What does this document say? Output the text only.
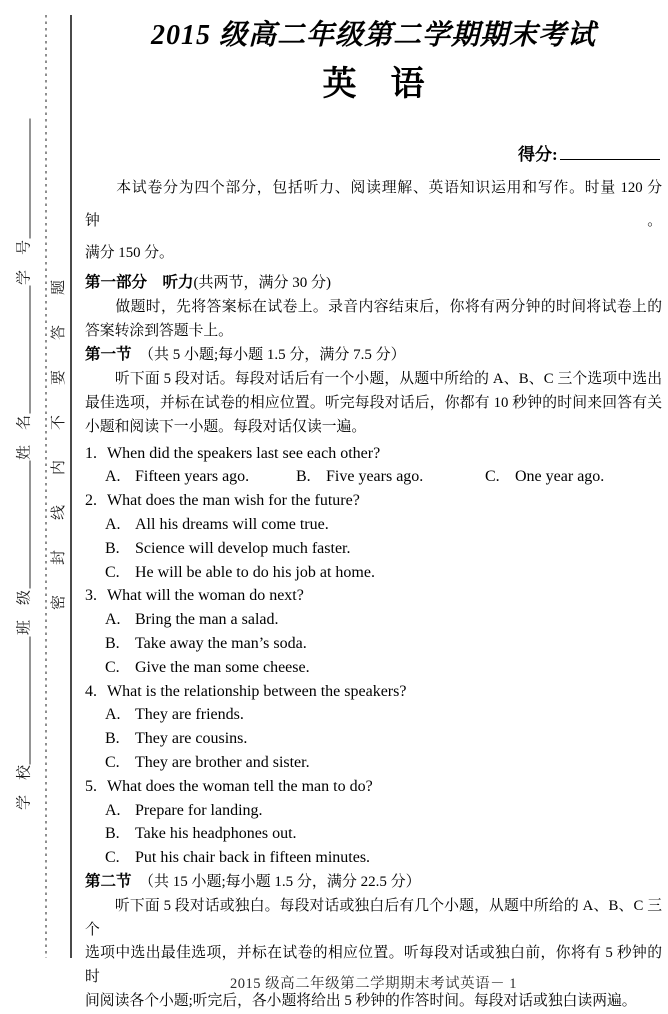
学　校
班　级
姓　名
学　号 密封线内不要答题
2015 级高二年级第二学期期末考试
英　语
得分:
　　本试卷分为四个部分，包括听力、阅读理解、英语知识运用和写作。时量 120 分钟。
满分 150 分。
第一部分　听力(共两节，满分 30 分)
　　做题时，先将答案标在试卷上。录音内容结束后，你将有两分钟的时间将试卷上的
答案转涂到答题卡上。
第一节　（共 5 小题;每小题 1.5 分，满分 7.5 分）
　　听下面 5 段对话。每段对话后有一个小题，从题中所给的 A、B、C 三个选项中选出
最佳选项，并标在试卷的相应位置。听完每段对话后，你都有 10 秒钟的时间来回答有关
小题和阅读下一小题。每段对话仅读一遍。
1. When did the speakers last see each other?
A. Fifteen years ago.	B. Five years ago.	C. One year ago.
2. What does the man wish for the future?
A. All his dreams will come true.
B. Science will develop much faster.
C. He will be able to do his job at home.
3. What will the woman do next?
A. Bring the man a salad.
B. Take away the man’s soda.
C. Give the man some cheese.
4. What is the relationship between the speakers?
A. They are friends.
B. They are cousins.
C. They are brother and sister.
5. What does the woman tell the man to do?
A. Prepare for landing.
B. Take his headphones out.
C. Put his chair back in fifteen minutes.
第二节　（共 15 小题;每小题 1.5 分，满分 22.5 分）
　　听下面 5 段对话或独白。每段对话或独白后有几个小题，从题中所给的 A、B、C 三个
选项中选出最佳选项，并标在试卷的相应位置。听每段对话或独白前，你将有 5 秒钟的时
间阅读各个小题;听完后，各小题将给出 5 秒钟的作答时间。每段对话或独白读两遍。
2015 级高二年级第二学期期末考试英语－ 1
